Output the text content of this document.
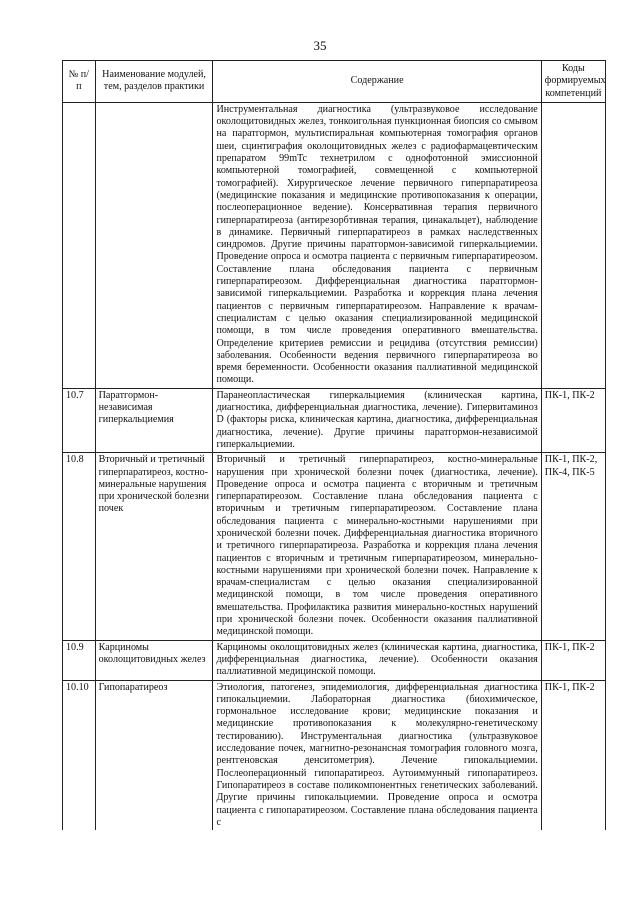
35
№ п/п	Наименование модулей, тем, разделов практики	Содержание	Коды формируемых компетенций
		Инструментальная диагностика (ультразвуковое исследование околощитовидных желез, тонкоигольная пункционная биопсия со смывом на паратгормон, мультиспиральная компьютерная томография органов шеи, сцинтиграфия околощитовидных желез с радиофармацевтическим препаратом 99mTc технетрилом с однофотонной эмиссионной компьютерной томографией, совмещенной с компьютерной томографией). Хирургическое лечение первичного гиперпаратиреоза (медицинские показания и медицинские противопоказания к операции, послеоперационное ведение). Консервативная терапия первичного гиперпаратиреоза (антирезорбтивная терапия, цинакальцет), наблюдение в динамике. Первичный гиперпаратиреоз в рамках наследственных синдромов. Другие причины паратгормон-зависимой гиперкальциемии. Проведение опроса и осмотра пациента с первичным гиперпаратиреозом. Составление плана обследования пациента с первичным гиперпаратиреозом. Дифференциальная диагностика паратгормон-зависимой гиперкальциемии. Разработка и коррекция плана лечения пациентов с первичным гиперпаратиреозом. Направление к врачам-специалистам с целью оказания специализированной медицинской помощи, в том числе проведения оперативного вмешательства. Определение критериев ремиссии и рецидива (отсутствия ремиссии) заболевания. Особенности ведения первичного гиперпаратиреоза во время беременности. Особенности оказания паллиативной медицинской помощи.	
10.7	Паратгормон-независимая гиперкальциемия	Паранеопластическая гиперкальциемия (клиническая картина, диагностика, дифференциальная диагностика, лечение). Гипервитаминоз D (факторы риска, клиническая картина, диагностика, дифференциальная диагностика, лечение). Другие причины паратгормон-независимой гиперкальциемии.	ПК-1, ПК-2
10.8	Вторичный и третичный гиперпаратиреоз, костно-минеральные нарушения при хронической болезни почек	Вторичный и третичный гиперпаратиреоз, костно-минеральные нарушения при хронической болезни почек (диагностика, лечение). Проведение опроса и осмотра пациента с вторичным и третичным гиперпаратиреозом. Составление плана обследования пациента с вторичным и третичным гиперпаратиреозом. Составление плана обследования пациента с минерально-костными нарушениями при хронической болезни почек. Дифференциальная диагностика вторичного и третичного гиперпаратиреоза. Разработка и коррекция плана лечения пациентов с вторичным и третичным гиперпаратиреозом, минерально-костными нарушениями при хронической болезни почек. Направление к врачам-специалистам с целью оказания специализированной медицинской помощи, в том числе проведения оперативного вмешательства. Профилактика развития минерально-костных нарушений при хронической болезни почек. Особенности оказания паллиативной медицинской помощи.	ПК-1, ПК-2, ПК-4, ПК-5
10.9	Карциномы околощитовидных желез	Карциномы околощитовидных желез (клиническая картина, диагностика, дифференциальная диагностика, лечение). Особенности оказания паллиативной медицинской помощи.	ПК-1, ПК-2
10.10	Гипопаратиреоз	Этиология, патогенез, эпидемиология, дифференциальная диагностика гипокальциемии. Лабораторная диагностика (биохимическое, гормональное исследование крови; медицинские показания и медицинские противопоказания к молекулярно-генетическому тестированию). Инструментальная диагностика (ультразвуковое исследование почек, магнитно-резонансная томография головного мозга, рентгеновская денситометрия). Лечение гипокальциемии. Послеоперационный гипопаратиреоз. Аутоиммунный гипопаратиреоз. Гипопаратиреоз в составе поликомпонентных генетических заболеваний. Другие причины гипокальциемии. Проведение опроса и осмотра пациента с гипопаратиреозом. Составление плана обследования пациента с	ПК-1, ПК-2
